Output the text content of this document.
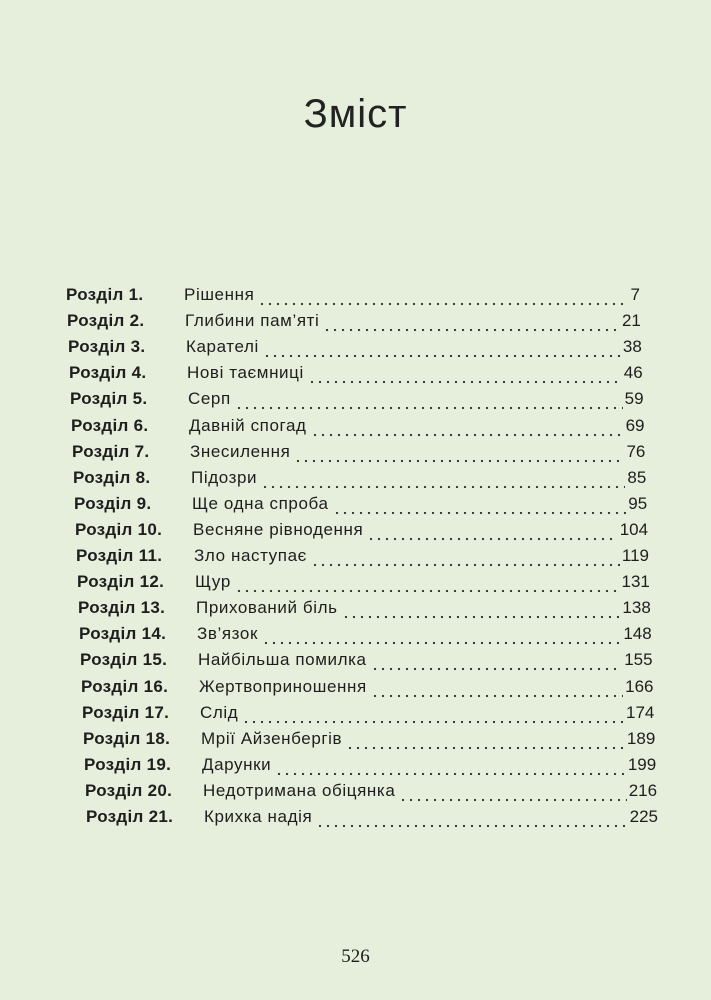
Зміст
Розділ 1.	Рішення	7
Розділ 2.	Глибини пам’яті	21
Розділ 3.	Карателі	38
Розділ 4.	Нові таємниці	46
Розділ 5.	Серп	59
Розділ 6.	Давній спогад	69
Розділ 7.	Знесилення	76
Розділ 8.	Підозри	85
Розділ 9.	Ще одна спроба	95
Розділ 10.	Весняне рівнодення	104
Розділ 11.	Зло наступає	119
Розділ 12.	Щур	131
Розділ 13.	Прихований біль	138
Розділ 14.	Зв’язок	148
Розділ 15.	Найбільша помилка	155
Розділ 16.	Жертвоприношення	166
Розділ 17.	Слід	174
Розділ 18.	Мрії Айзенбергів	189
Розділ 19.	Дарунки	199
Розділ 20.	Недотримана обіцянка	216
Розділ 21.	Крихка надія	225
526
